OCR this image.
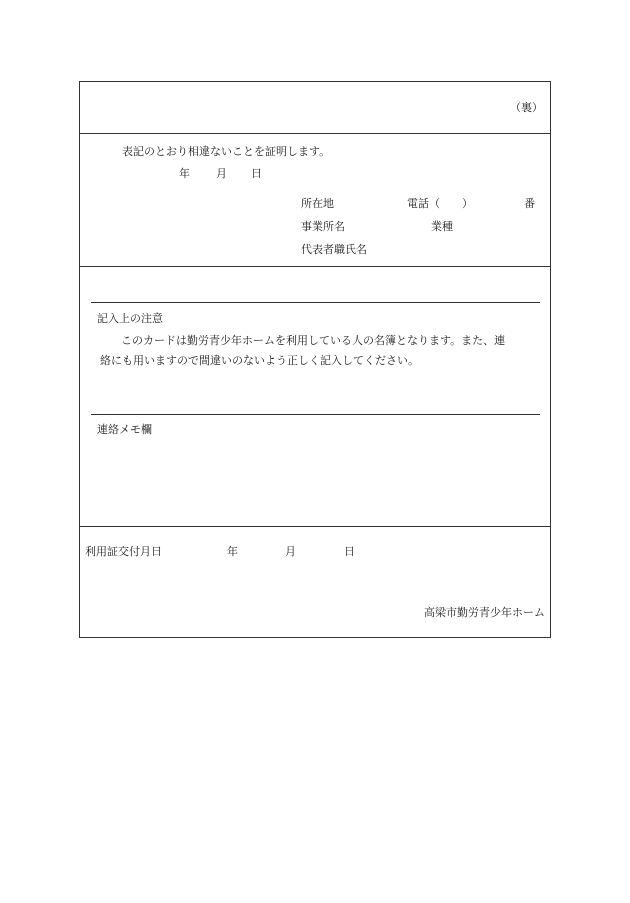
（裏）
表記のとおり相違ないことを証明します。
年 月 日
所在地	電話（　　）	番
事業所名	業種
代表者職氏名
記入上の注意
このカードは勤労青少年ホームを利用している人の名簿となります。また、連
絡にも用いますので間違いのないよう正しく記入してください。
連絡メモ欄
利用証交付月日	年	月	日
高梁市勤労青少年ホーム
